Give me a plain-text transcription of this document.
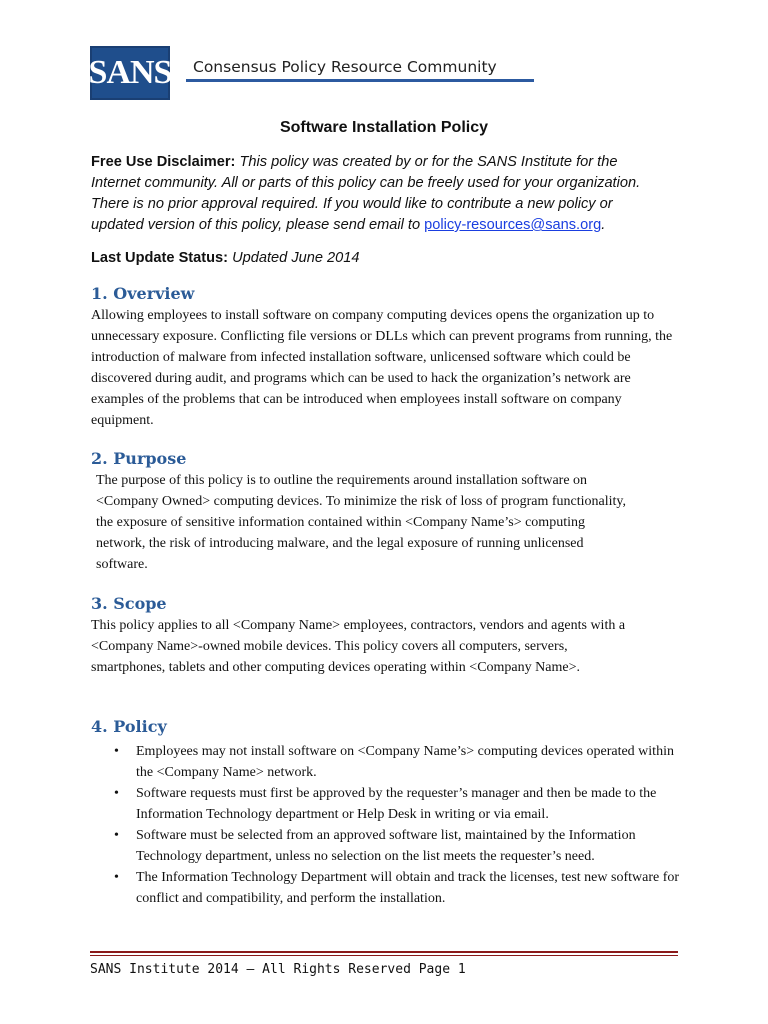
SANS Consensus Policy Resource Community
Software Installation Policy
Free Use Disclaimer: This policy was created by or for the SANS Institute for the Internet community. All or parts of this policy can be freely used for your organization. There is no prior approval required. If you would like to contribute a new policy or updated version of this policy, please send email to policy-resources@sans.org.
Last Update Status: Updated June 2014
1. Overview
Allowing employees to install software on company computing devices opens the organization up to unnecessary exposure. Conflicting file versions or DLLs which can prevent programs from running, the introduction of malware from infected installation software, unlicensed software which could be discovered during audit, and programs which can be used to hack the organization’s network are examples of the problems that can be introduced when employees install software on company equipment.
2. Purpose
The purpose of this policy is to outline the requirements around installation software on <Company Owned> computing devices. To minimize the risk of loss of program functionality, the exposure of sensitive information contained within <Company Name’s> computing network, the risk of introducing malware, and the legal exposure of running unlicensed software.
3. Scope
This policy applies to all <Company Name> employees, contractors, vendors and agents with a <Company Name>-owned mobile devices. This policy covers all computers, servers, smartphones, tablets and other computing devices operating within <Company Name>.
4. Policy
• Employees may not install software on <Company Name’s> computing devices operated within the <Company Name> network.
• Software requests must first be approved by the requester’s manager and then be made to the Information Technology department or Help Desk in writing or via email.
• Software must be selected from an approved software list, maintained by the Information Technology department, unless no selection on the list meets the requester’s need.
• The Information Technology Department will obtain and track the licenses, test new software for conflict and compatibility, and perform the installation.
SANS Institute 2014 – All Rights Reserved Page 1
